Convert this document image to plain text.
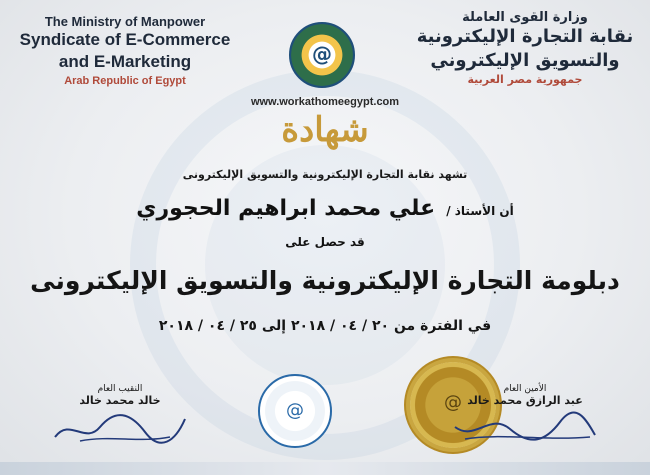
The Ministry of Manpower
Syndicate of E-Commerce
and E-Marketing
Arab Republic of Egypt
وزارة القوى العاملة
نقابة التجارة الإليكترونية
والتسويق الإليكتروني
جمهورية مصر العربية
@
www.workathomeegypt.com
شهادة
تشهد نقابة التجارة الإليكترونية والتسويق الإليكترونى
أن الأستاذ / علي محمد ابراهيم الحجوري
قد حصل على
دبلومة التجارة الإليكترونية والتسويق الإليكترونى
في الفترة من ٢٠ / ٠٤ / ٢٠١٨ إلى ٢٥ / ٠٤ / ٢٠١٨
النقيب العام
خالد محمد خالد	@	@
الأمين العام
عبد الرازق محمد خالد
